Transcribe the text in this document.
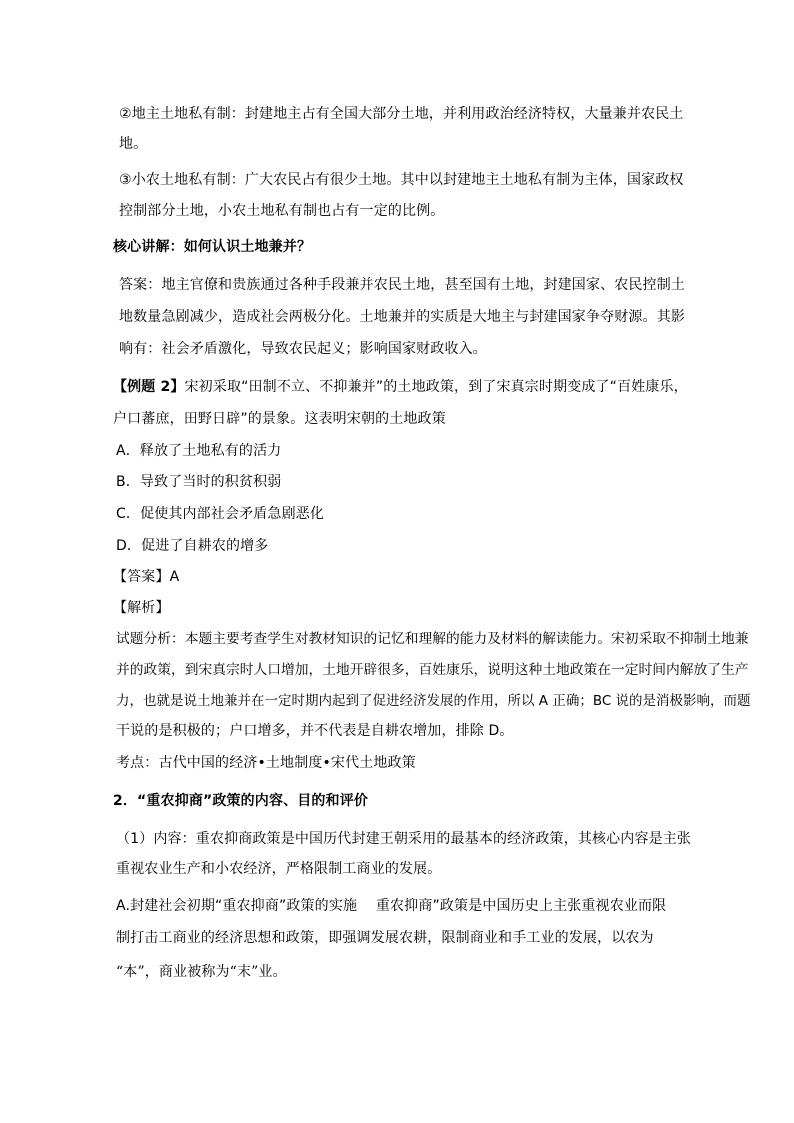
②地主土地私有制：封建地主占有全国大部分土地，并利用政治经济特权，大量兼并农民土
地。
③小农土地私有制：广大农民占有很少土地。其中以封建地主土地私有制为主体，国家政权
控制部分土地，小农土地私有制也占有一定的比例。
核心讲解：如何认识土地兼并？
答案：地主官僚和贵族通过各种手段兼并农民土地，甚至国有土地，封建国家、农民控制土
地数量急剧减少，造成社会两极分化。土地兼并的实质是大地主与封建国家争夺财源。其影
响有：社会矛盾激化，导致农民起义；影响国家财政收入。
【例题 2】宋初采取“田制不立、不抑兼并”的土地政策，到了宋真宗时期变成了“百姓康乐，
户口蕃庶，田野日辟”的景象。这表明宋朝的土地政策
A．释放了土地私有的活力
B．导致了当时的积贫积弱
C．促使其内部社会矛盾急剧恶化
D．促进了自耕农的增多
【答案】A
【解析】
试题分析：本题主要考查学生对教材知识的记忆和理解的能力及材料的解读能力。宋初采取不抑制土地兼
并的政策，到宋真宗时人口增加，土地开辟很多，百姓康乐，说明这种土地政策在一定时间内解放了生产
力，也就是说土地兼并在一定时期内起到了促进经济发展的作用，所以 A 正确；BC 说的是消极影响，而题
干说的是积极的；户口增多，并不代表是自耕农增加，排除 D。
考点：古代中国的经济•土地制度•宋代土地政策
2．“重农抑商”政策的内容、目的和评价
（1）内容：重农抑商政策是中国历代封建王朝采用的最基本的经济政策，其核心内容是主张
重视农业生产和小农经济，严格限制工商业的发展。
A.封建社会初期“重农抑商”政策的实施　 重农抑商”政策是中国历史上主张重视农业而限
制打击工商业的经济思想和政策，即强调发展农耕，限制商业和手工业的发展，以农为
“本”，商业被称为“末”业。
